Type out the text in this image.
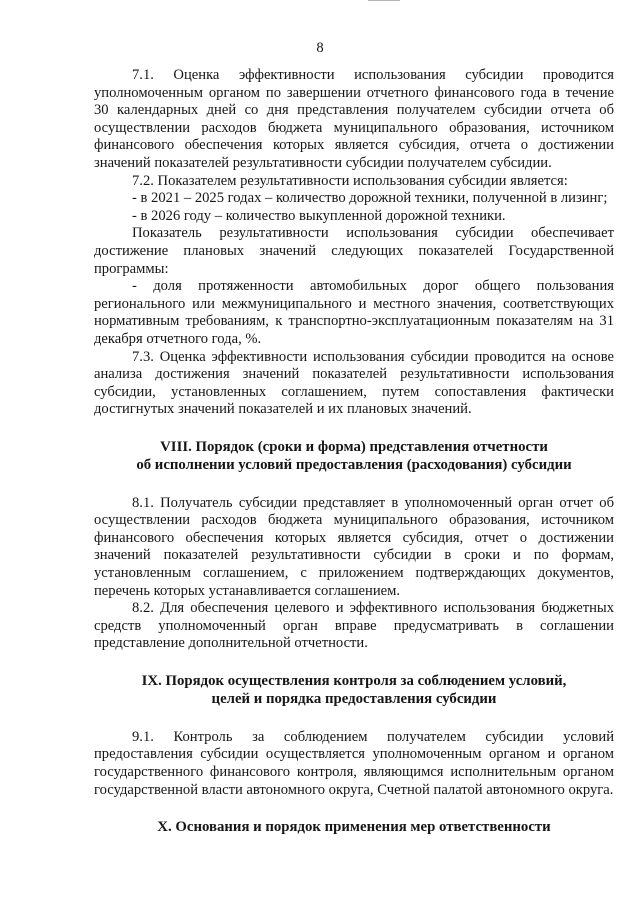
8

7.1. Оценка эффективности использования субсидии проводится уполномоченным органом по завершении отчетного финансового года в течение 30 календарных дней со дня представления получателем субсидии отчета об осуществлении расходов бюджета муниципального образования, источником финансового обеспечения которых является субсидия, отчета о достижении значений показателей результативности субсидии получателем субсидии.

7.2. Показателем результативности использования субсидии является:

- в 2021 – 2025 годах – количество дорожной техники, полученной в лизинг;

- в 2026 году – количество выкупленной дорожной техники.

Показатель результативности использования субсидии обеспечивает достижение плановых значений следующих показателей Государственной программы:

- доля протяженности автомобильных дорог общего пользования регионального или межмуниципального и местного значения, соответствующих нормативным требованиям, к транспортно-эксплуатационным показателям на 31 декабря отчетного года, %.

7.3. Оценка эффективности использования субсидии проводится на основе анализа достижения значений показателей результативности использования субсидии, установленных соглашением, путем сопоставления фактически достигнутых значений показателей и их плановых значений.

VIII. Порядок (сроки и форма) представления отчетности

об исполнении условий предоставления (расходования) субсидии

8.1. Получатель субсидии представляет в уполномоченный орган отчет об осуществлении расходов бюджета муниципального образования, источником финансового обеспечения которых является субсидия, отчет о достижении значений показателей результативности субсидии в сроки и по формам, установленным соглашением, с приложением подтверждающих документов, перечень которых устанавливается соглашением.

8.2. Для обеспечения целевого и эффективного использования бюджетных средств уполномоченный орган вправе предусматривать в соглашении представление дополнительной отчетности.

IX. Порядок осуществления контроля за соблюдением условий,

целей и порядка предоставления субсидии

9.1. Контроль за соблюдением получателем субсидии условий предоставления субсидии осуществляется уполномоченным органом и органом государственного финансового контроля, являющимся исполнительным органом государственной власти автономного округа, Счетной палатой автономного округа.

X. Основания и порядок применения мер ответственности
